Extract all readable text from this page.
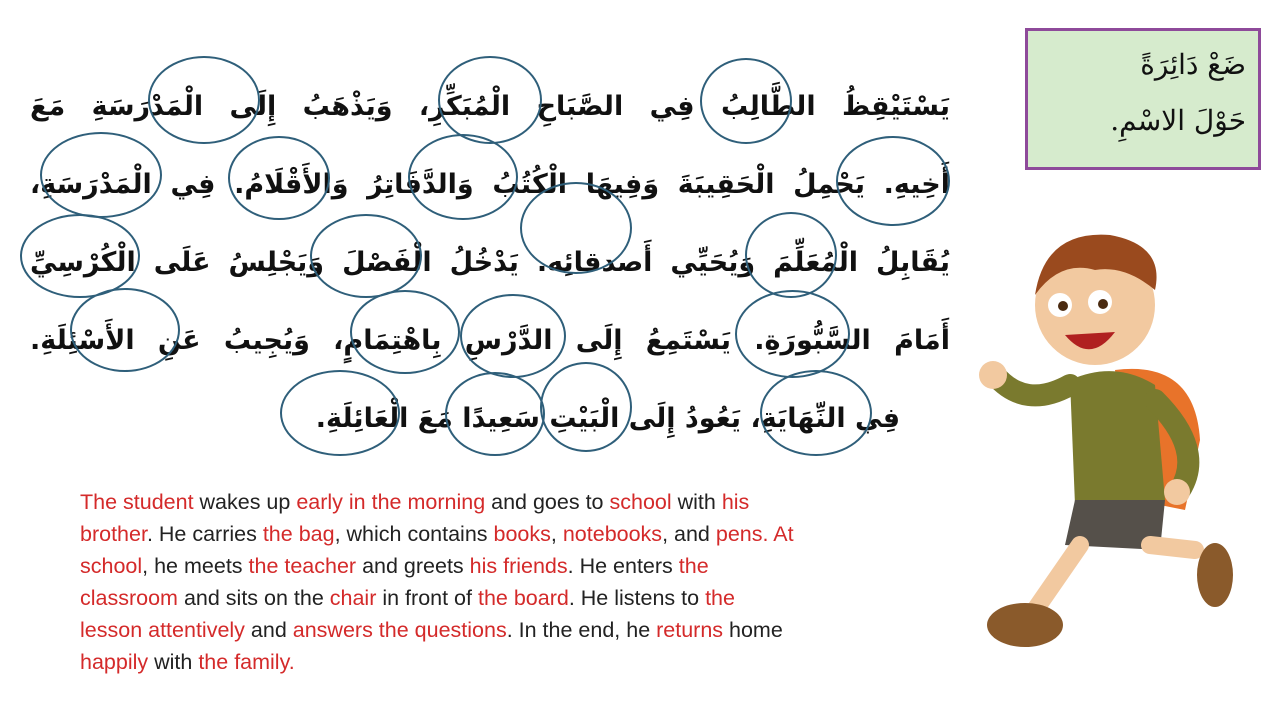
ضَعْ دَائِرَةً
حَوْلَ الاسْمِ.
يَسْتَيْقِظُ الطَّالِبُ فِي الصَّبَاحِ الْمُبَكِّرِ، وَيَذْهَبُ إِلَى الْمَدْرَسَةِ مَعَ
أَخِيهِ. يَحْمِلُ الْحَقِيبَةَ وَفِيهَا الْكُتُبُ وَالدَّفَاتِرُ وَالأَقْلَامُ. فِي الْمَدْرَسَةِ،
يُقَابِلُ الْمُعَلِّمَ وَيُحَيِّي أَصدقائِه. يَدْخُلُ الْفَصْلَ وَيَجْلِسُ عَلَى الْكُرْسِيِّ
أَمَامَ السَّبُّورَةِ. يَسْتَمِعُ إِلَى الدَّرْسِ بِاهْتِمَامٍ، وَيُجِيبُ عَنِ الأَسْئِلَةِ.
فِي النِّهَايَةِ، يَعُودُ إِلَى الْبَيْتِ سَعِيدًا مَعَ الْعَائِلَةِ.
The student wakes up early in the morning and goes to school with his brother. He carries the bag, which contains books, notebooks, and pens. At school, he meets the teacher and greets his friends. He enters the classroom and sits on the chair in front of the board. He listens to the lesson attentively and answers the questions. In the end, he returns home happily with the family.
